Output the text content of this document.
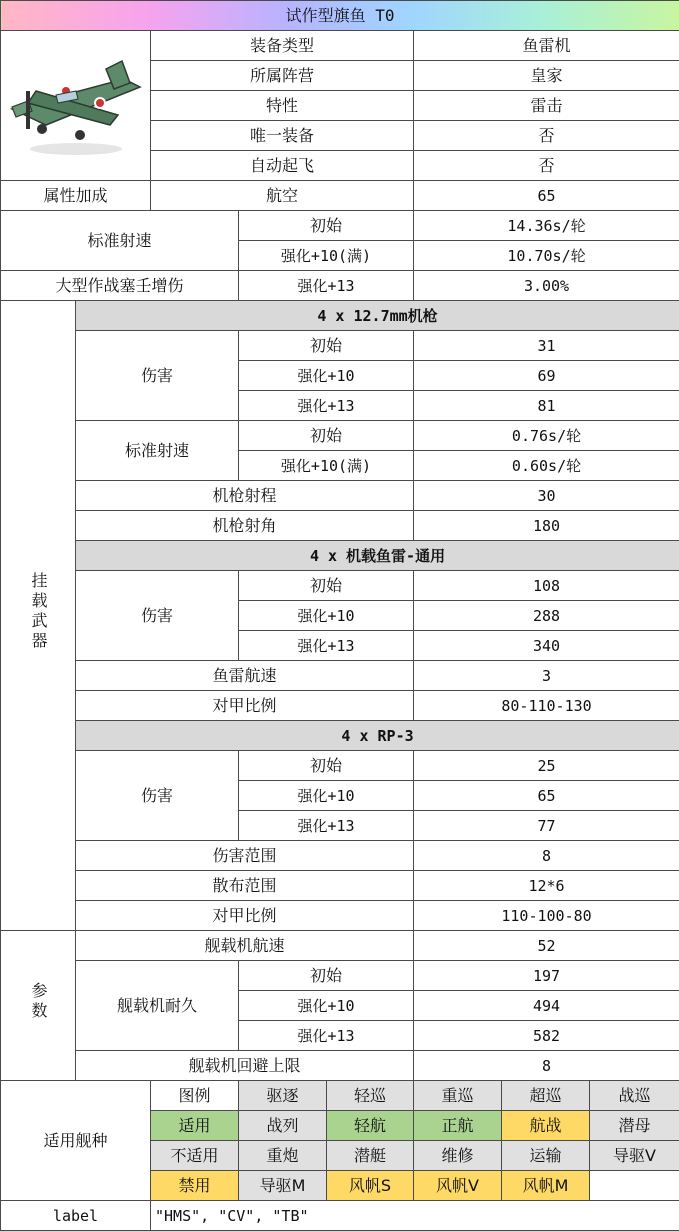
试作型旗鱼 T0							

	装备类型			鱼雷机		
		所属阵营			皇家		
		特性			雷击		
		唯一装备			否		
		自动起飞			否		
属性加成		航空			65		
标准射速			初始		14.36s/轮		
			强化+10(满)		10.70s/轮		
大型作战塞壬增伤			强化+13		3.00%		
挂载武器	4 x 12.7mm机枪						
	伤害		初始		31		
			强化+10		69		
			强化+13		81		
	标准射速		初始		0.76s/轮		
			强化+10(满)		0.60s/轮		
	机枪射程				30		
	机枪射角				180		
	4 x 机载鱼雷-通用						
	伤害		初始		108		
			强化+10		288		
			强化+13		340		
	鱼雷航速				3		
	对甲比例				80-110-130		
	4 x RP-3						
	伤害		初始		25		
			强化+10		65		
			强化+13		77		
	伤害范围				8		
	散布范围				12*6		
	对甲比例				110-100-80		
参数	舰载机航速				52		
	舰载机耐久		初始		197		
			强化+10		494		
			强化+13		582		
	舰载机回避上限				8		
适用舰种		图例	驱逐	轻巡	重巡	超巡	战巡
		适用	战列	轻航	正航	航战	潜母
		不适用	重炮	潜艇	维修	运输	导驱V
		禁用	导驱M	风帆S	风帆V	风帆M	
label		"HMS", "CV", "TB"					
